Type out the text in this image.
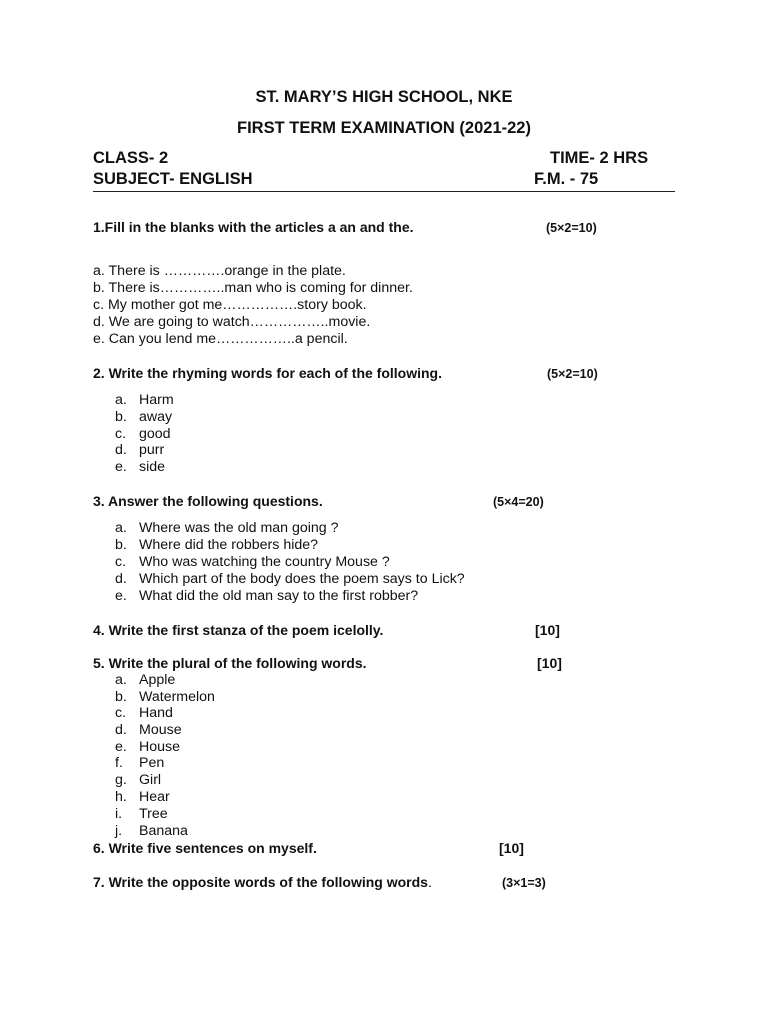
ST. MARY’S HIGH SCHOOL, NKE
FIRST TERM EXAMINATION (2021-22)
CLASS- 2	TIME- 2 HRS
SUBJECT- ENGLISH	F.M. - 75
1.Fill in the blanks with the articles a an and the.	(5×2=10)
a. There is ………….orange in the plate.
b. There is…………..man who is coming for dinner.
c. My mother got me…………….story book.
d. We are going to watch……………..movie.
e. Can you lend me……………..a pencil.
2. Write the rhyming words for each of the following.	(5×2=10)
a. Harm
b. away
c. good
d. purr
e. side
3. Answer the following questions.	(5×4=20)
a. Where was the old man going ?
b. Where did the robbers hide?
c. Who was watching the country Mouse ?
d. Which part of the body does the poem says to Lick?
e. What did the old man say to the first robber?
4. Write the first stanza of the poem icelolly.	[10]
5. Write the plural of the following words.	[10]
a. Apple
b. Watermelon
c. Hand
d. Mouse
e. House
f. Pen
g. Girl
h. Hear
i. Tree
j. Banana
6. Write five sentences on myself.	[10]
7. Write the opposite words of the following words.	(3×1=3)
